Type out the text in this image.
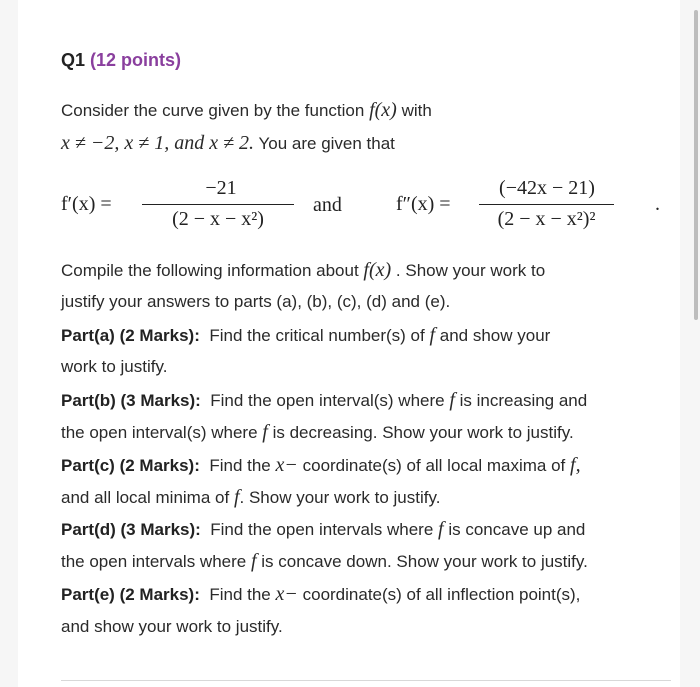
Q1 (12 points)
Consider the curve given by the function f(x) with
x ≠ −2, x ≠ 1, and x ≠ 2. You are given that
f′(x) =
−21
(2 − x − x²)
and	f″(x) =
(−42x − 21)
(2 − x − x²)²
.
Compile the following information about f(x) . Show your work to
justify your answers to parts (a), (b), (c), (d) and (e).
Part(a) (2 Marks): Find the critical number(s) of f and show your
work to justify.
Part(b) (3 Marks): Find the open interval(s) where f is increasing and
the open interval(s) where f is decreasing. Show your work to justify.
Part(c) (2 Marks): Find the x− coordinate(s) of all local maxima of f,
and all local minima of f. Show your work to justify.
Part(d) (3 Marks): Find the open intervals where f is concave up and
the open intervals where f is concave down. Show your work to justify.
Part(e) (2 Marks): Find the x− coordinate(s) of all inflection point(s),
and show your work to justify.
